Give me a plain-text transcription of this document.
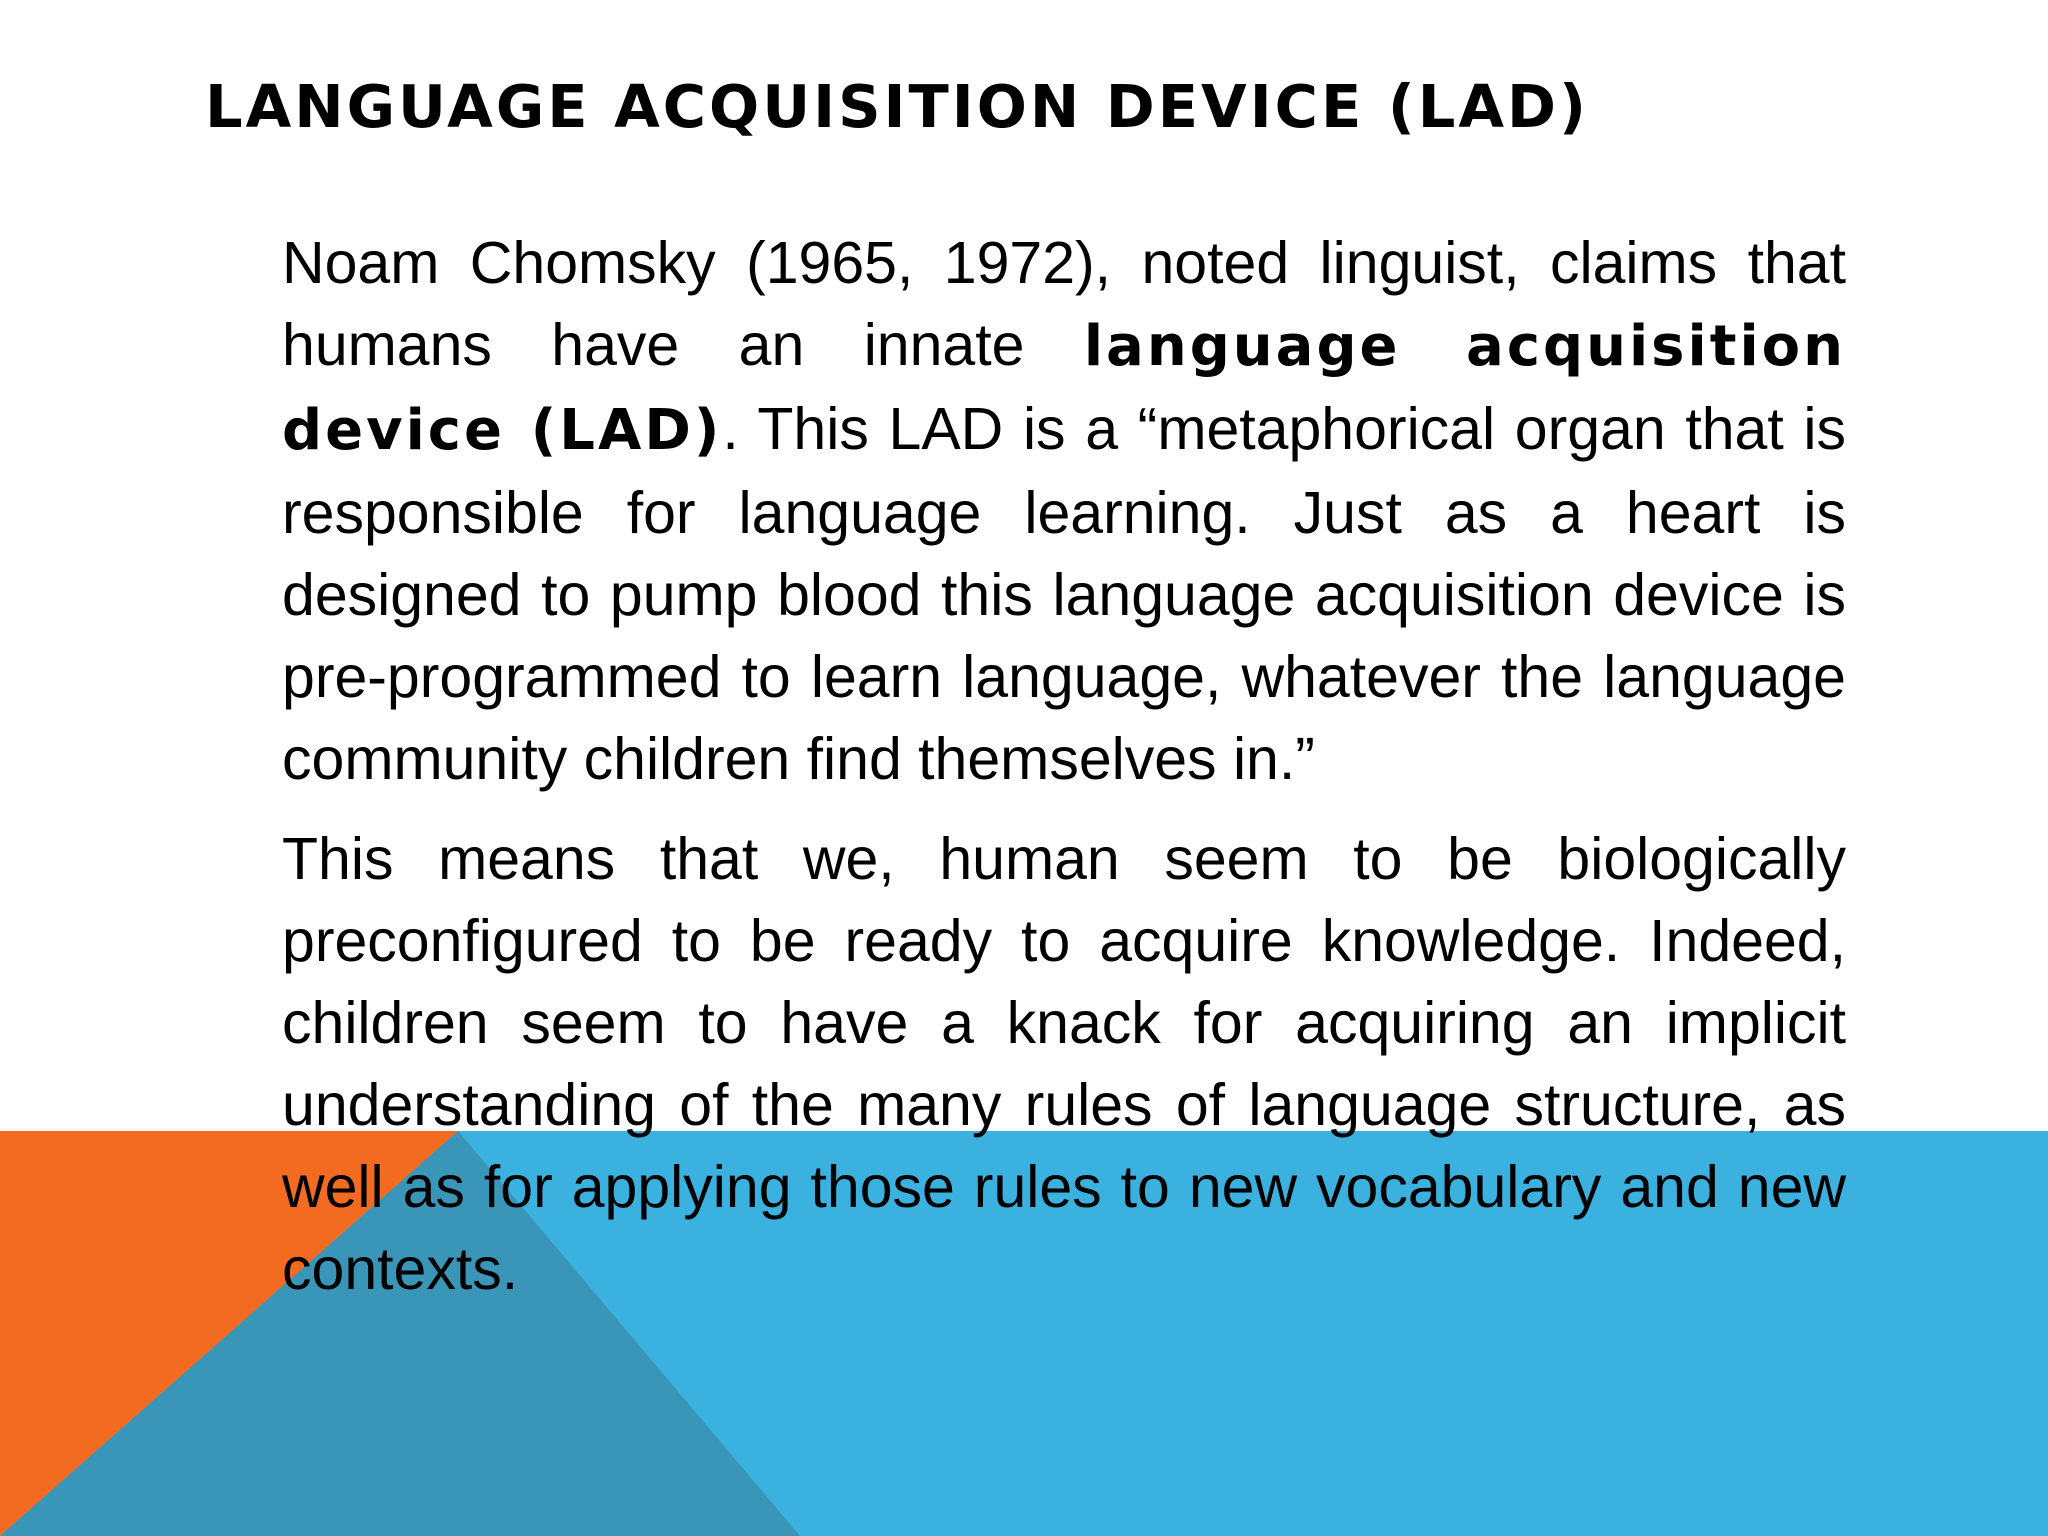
LANGUAGE ACQUISITION DEVICE (LAD)

Noam Chomsky (1965, 1972), noted linguist, claims that humans have an innate language acquisition device (LAD). This LAD is a “metaphorical organ that is responsible for language learning. Just as a heart is designed to pump blood this language acquisition device is pre-programmed to learn language, whatever the language community children find themselves in.”

This means that we, human seem to be biologically preconfigured to be ready to acquire knowledge. Indeed, children seem to have a knack for acquiring an implicit understanding of the many rules of language structure, as well as for applying those rules to new vocabulary and new contexts.
